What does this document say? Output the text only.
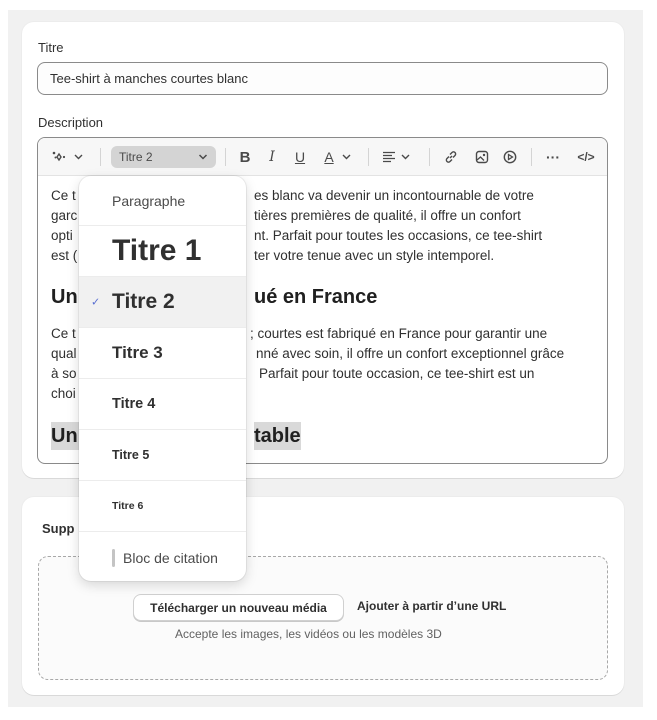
Titre
Tee-shirt à manches courtes blanc
Description
Titre 2	B	I	U A	··· </>
Ce t
garc
opti
est (
es blanc va devenir un incontournable de votre
tières premières de qualité, il offre un confort
nt. Parfait pour toutes les occasions, ce tee-shirt
ter votre tenue avec un style intemporel.
Un	ué en France
Ce t
qual
à so
choi
; courtes est fabriqué en France pour garantir une
nné avec soin, il offre un confort exceptionnel grâce
Parfait pour toute occasion, ce tee-shirt est un
Un	table
Supp
Télécharger un nouveau média	Ajouter à partir d’une URL
Accepte les images, les vidéos ou les modèles 3D
Paragraphe
Titre 1
✓ Titre 2
Titre 3
Titre 4
Titre 5
Titre 6
Bloc de citation
